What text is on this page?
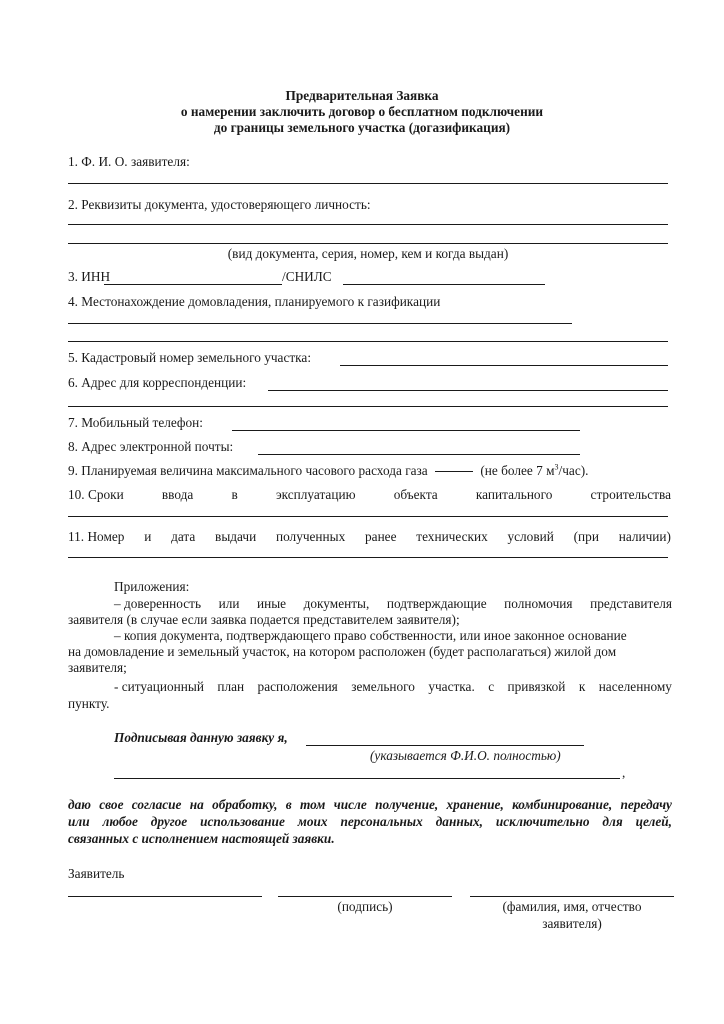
Предварительная Заявка
о намерении заключить договор о бесплатном подключении
до границы земельного участка (догазификация)
1. Ф. И. О. заявителя:
2. Реквизиты документа, удостоверяющего личность:
(вид документа, серия, номер, кем и когда выдан)
3. ИНН	/СНИЛС
4. Местонахождение домовладения, планируемого к газификации
5. Кадастровый номер земельного участка:
6. Адрес для корреспонденции:
7. Мобильный телефон:
8. Адрес электронной почты:
9. Планируемая величина максимального часового расхода газа	(не более 7 $м^3/час$).
10. Сроки	ввода	в	эксплуатацию	объекта	капитального	строительства
11. Номер и дата выдачи полученных ранее технических условий (при наличии)
Приложения:
– доверенность или иные документы, подтверждающие полномочия представителя
заявителя (в случае если заявка подается представителем заявителя);
– копия документа, подтверждающего право собственности, или иное законное основание
на домовладение и земельный участок, на котором расположен (будет располагаться) жилой дом
заявителя;
- ситуационный план расположения земельного участка. с привязкой к населенному
пункту.
Подписывая данную заявку я,
(указывается Ф.И.О. полностью)
,
даю свое согласие на обработку, в том числе получение, хранение, комбинирование, передачу
или любое другое использование моих персональных данных, исключительно для целей,
связанных с исполнением настоящей заявки.
Заявитель
(подпись)	(фамилия, имя, отчество
заявителя)
